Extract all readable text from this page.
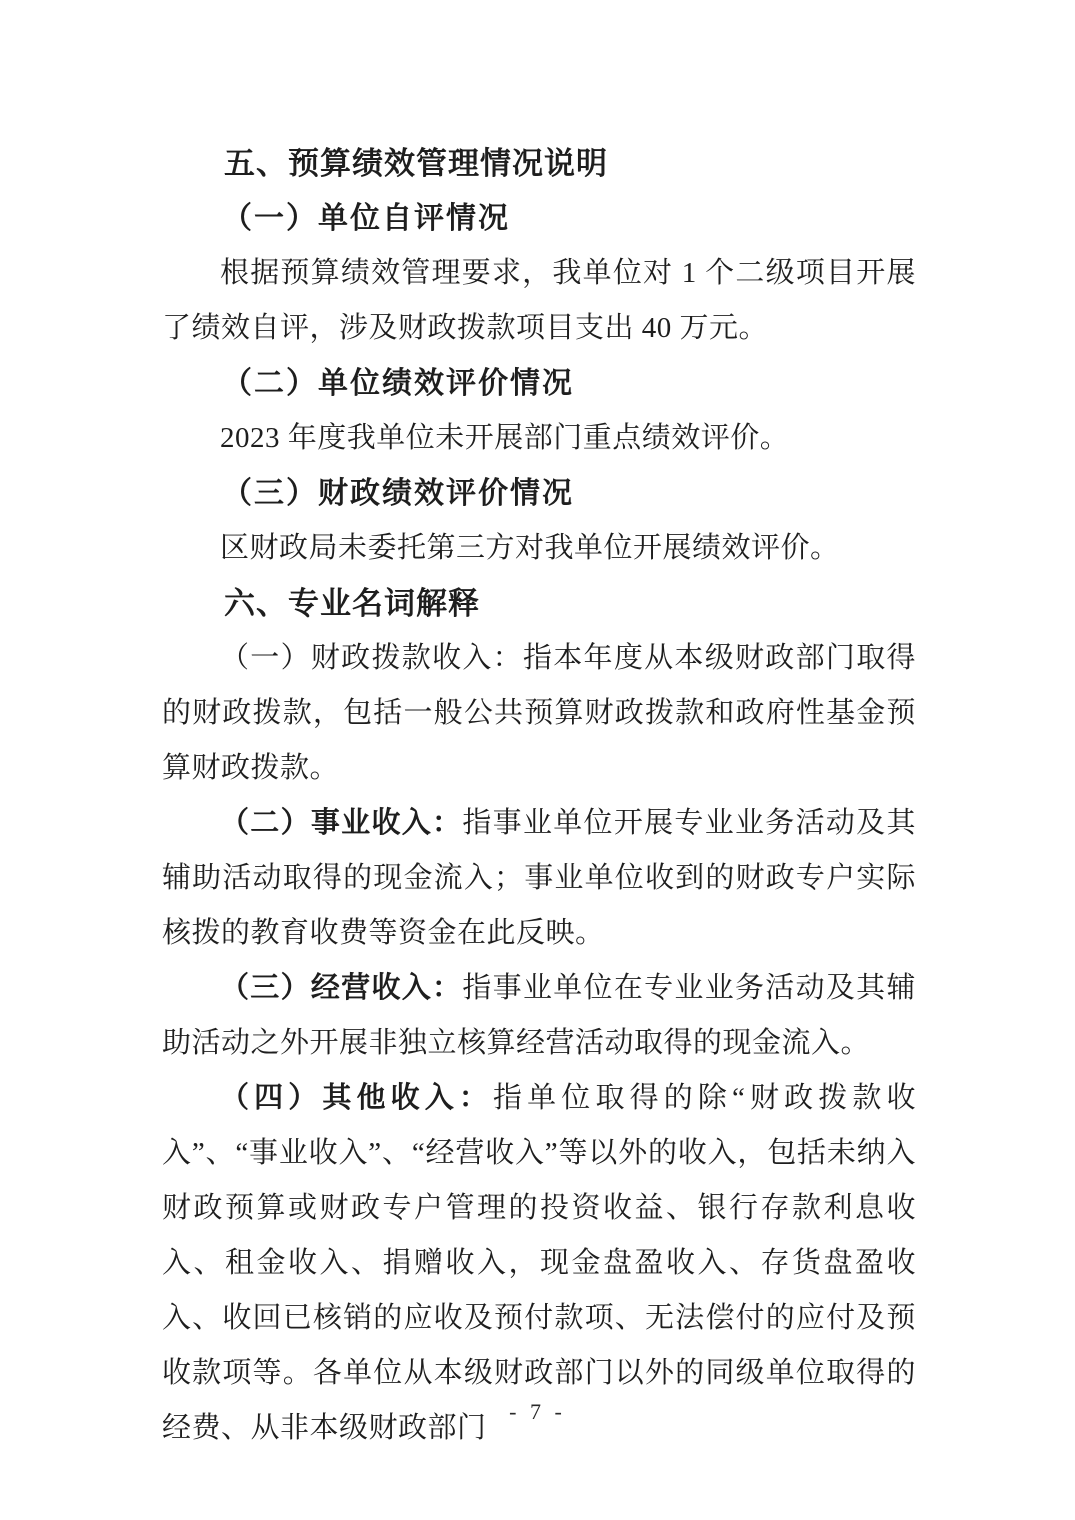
五、预算绩效管理情况说明

（一）单位自评情况

根据预算绩效管理要求，我单位对 1 个二级项目开展了绩效自评，涉及财政拨款项目支出 40 万元。

（二）单位绩效评价情况

2023 年度我单位未开展部门重点绩效评价。

（三）财政绩效评价情况

区财政局未委托第三方对我单位开展绩效评价。

六、专业名词解释

（一）财政拨款收入：指本年度从本级财政部门取得的财政拨款，包括一般公共预算财政拨款和政府性基金预算财政拨款。

（二）事业收入：指事业单位开展专业业务活动及其辅助活动取得的现金流入；事业单位收到的财政专户实际核拨的教育收费等资金在此反映。

（三）经营收入：指事业单位在专业业务活动及其辅助活动之外开展非独立核算经营活动取得的现金流入。

（四）其他收入：指单位取得的除“财政拨款收入”、“事业收入”、“经营收入”等以外的收入，包括未纳入财政预算或财政专户管理的投资收益、银行存款利息收入、租金收入、捐赠收入，现金盘盈收入、存货盘盈收入、收回已核销的应收及预付款项、无法偿付的应付及预收款项等。各单位从本级财政部门以外的同级单位取得的经费、从非本级财政部门

- 7 -
